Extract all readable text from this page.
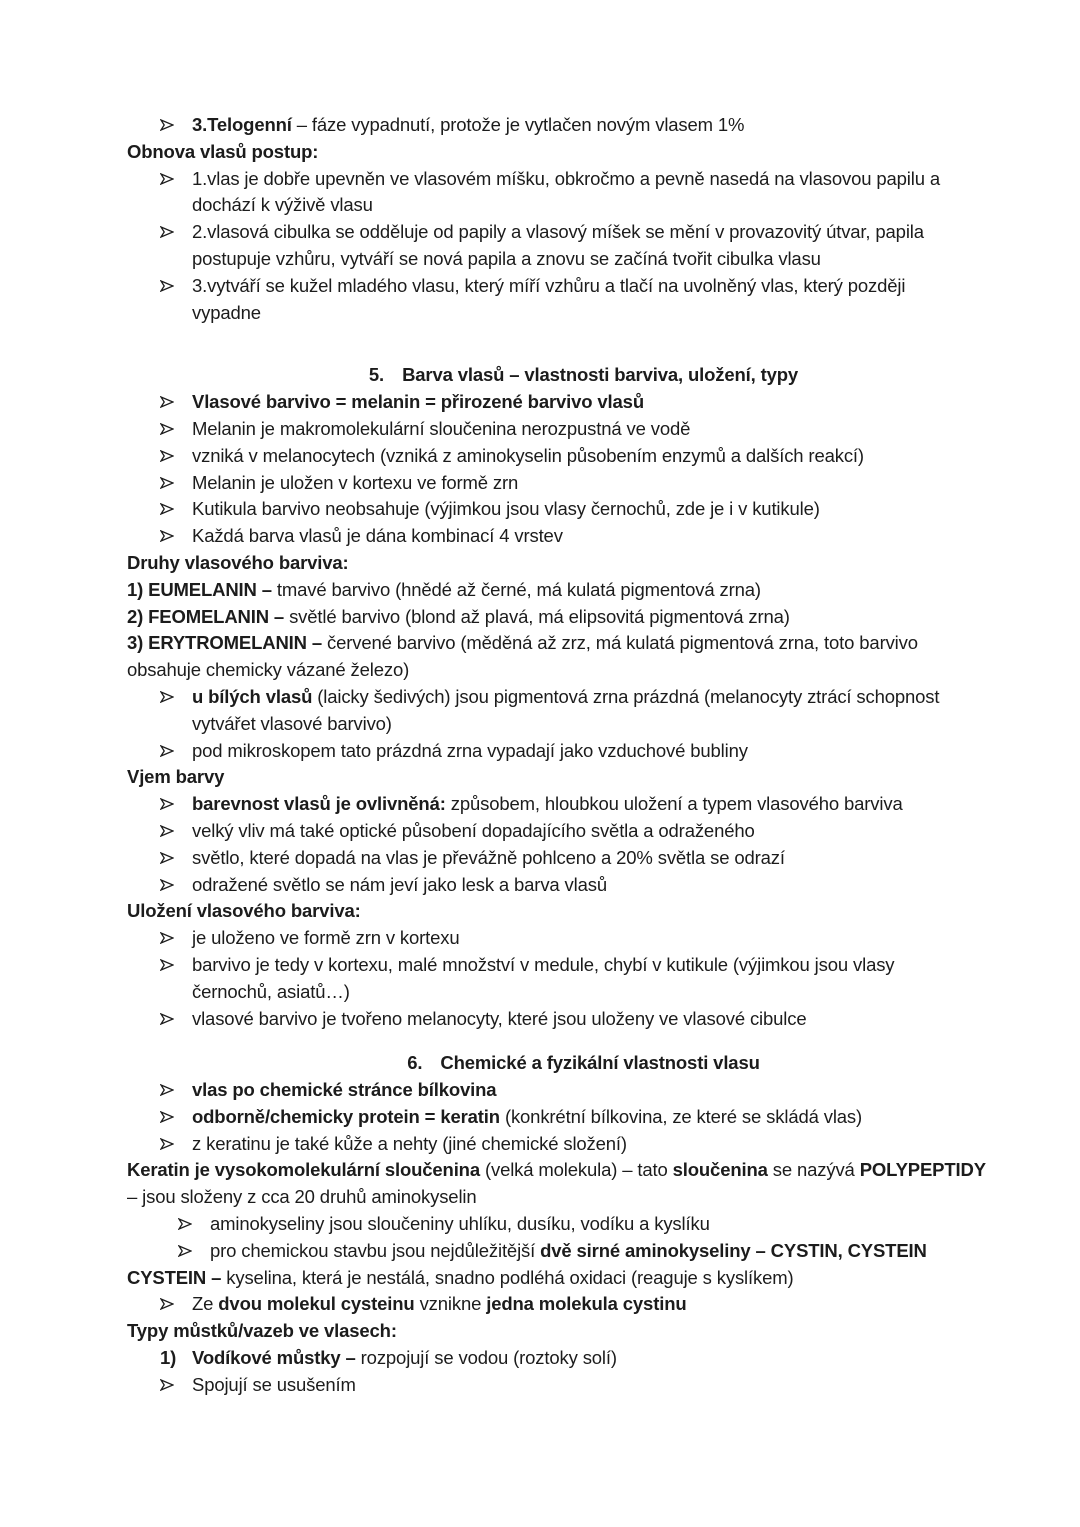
3.Telogenní – fáze vypadnutí, protože je vytlačen novým vlasem 1%
Obnova vlasů postup:
1.vlas je dobře upevněn ve vlasovém míšku, obkročmo a pevně nasedá na vlasovou papilu a
dochází k výživě vlasu
2.vlasová cibulka se odděluje od papily a vlasový míšek se mění v provazovitý útvar, papila
postupuje vzhůru, vytváří se nová papila a znovu se začíná tvořit cibulka vlasu
3.vytváří se kužel mladého vlasu, který míří vzhůru a tlačí na uvolněný vlas, který později
vypadne
5. Barva vlasů – vlastnosti barviva, uložení, typy
Vlasové barvivo = melanin = přirozené barvivo vlasů
Melanin je makromolekulární sloučenina nerozpustná ve vodě
vzniká v melanocytech (vzniká z aminokyselin působením enzymů a dalších reakcí)
Melanin je uložen v kortexu ve formě zrn
Kutikula barvivo neobsahuje (výjimkou jsou vlasy černochů, zde je i v kutikule)
Každá barva vlasů je dána kombinací 4 vrstev
Druhy vlasového barviva:
1) EUMELANIN – tmavé barvivo (hnědé až černé, má kulatá pigmentová zrna)
2) FEOMELANIN – světlé barvivo (blond až plavá, má elipsovitá pigmentová zrna)
3) ERYTROMELANIN – červené barvivo (měděná až zrz, má kulatá pigmentová zrna, toto barvivo
obsahuje chemicky vázané železo)
u bílých vlasů (laicky šedivých) jsou pigmentová zrna prázdná (melanocyty ztrácí schopnost
vytvářet vlasové barvivo)
pod mikroskopem tato prázdná zrna vypadají jako vzduchové bubliny
Vjem barvy
barevnost vlasů je ovlivněná: způsobem, hloubkou uložení a typem vlasového barviva
velký vliv má také optické působení dopadajícího světla a odraženého
světlo, které dopadá na vlas je převážně pohlceno a 20% světla se odrazí
odražené světlo se nám jeví jako lesk a barva vlasů
Uložení vlasového barviva:
je uloženo ve formě zrn v kortexu
barvivo je tedy v kortexu, malé množství v medule, chybí v kutikule (výjimkou jsou vlasy
černochů, asiatů…)
vlasové barvivo je tvořeno melanocyty, které jsou uloženy ve vlasové cibulce
6. Chemické a fyzikální vlastnosti vlasu
vlas po chemické stránce bílkovina
odborně/chemicky protein = keratin (konkrétní bílkovina, ze které se skládá vlas)
z keratinu je také kůže a nehty (jiné chemické složení)
Keratin je vysokomolekulární sloučenina (velká molekula) – tato sloučenina se nazývá POLYPEPTIDY
– jsou složeny z cca 20 druhů aminokyselin
aminokyseliny jsou sloučeniny uhlíku, dusíku, vodíku a kyslíku
pro chemickou stavbu jsou nejdůležitější dvě sirné aminokyseliny – CYSTIN, CYSTEIN
CYSTEIN – kyselina, která je nestálá, snadno podléhá oxidaci (reaguje s kyslíkem)
Ze dvou molekul cysteinu vznikne jedna molekula cystinu
Typy můstků/vazeb ve vlasech:
1) Vodíkové můstky – rozpojují se vodou (roztoky solí)
Spojují se usušením
